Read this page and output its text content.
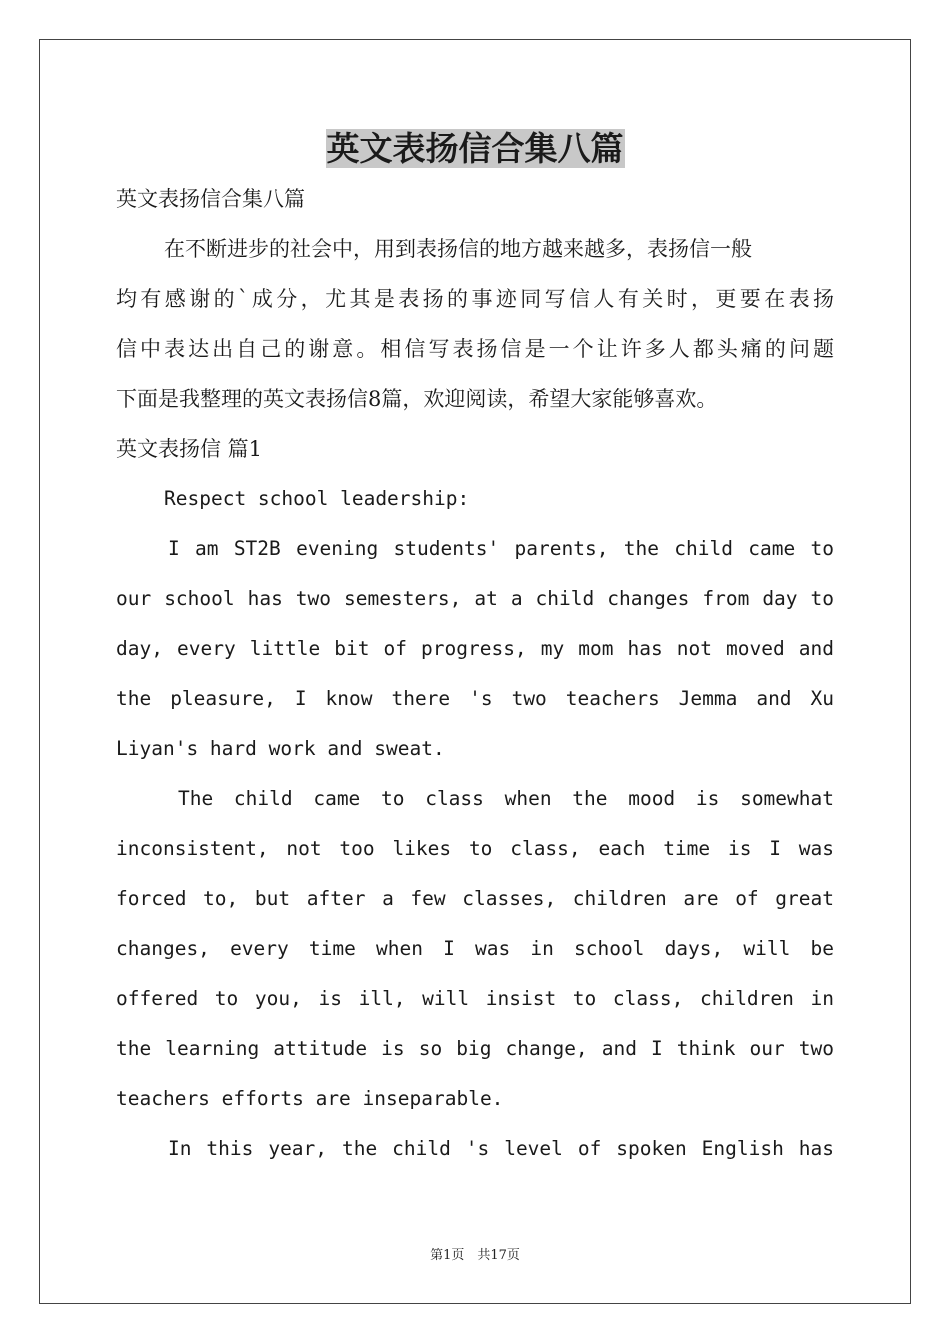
英文表扬信合集八篇
英文表扬信合集八篇
在不断进步的社会中，用到表扬信的地方越来越多，表扬信一般
均有感谢的`成分，尤其是表扬的事迹同写信人有关时，更要在表扬
信中表达出自己的谢意。相信写表扬信是一个让许多人都头痛的问题
下面是我整理的英文表扬信8篇，欢迎阅读，希望大家能够喜欢。
英文表扬信 篇1
Respect school leadership:
I am ST2B evening students' parents, the child came to
our school has two semesters, at a child changes from day to
day, every little bit of progress, my mom has not moved and
the pleasure, I know there 's two teachers Jemma and Xu
Liyan's hard work and sweat.
The child came to class when the mood is somewhat
inconsistent, not too likes to class, each time is I was
forced to, but after a few classes, children are of great
changes, every time when I was in school days, will be
offered to you, is ill, will insist to class, children in
the learning attitude is so big change, and I think our two
teachers efforts are inseparable.
In this year, the child 's level of spoken English has
第1页　共17页
